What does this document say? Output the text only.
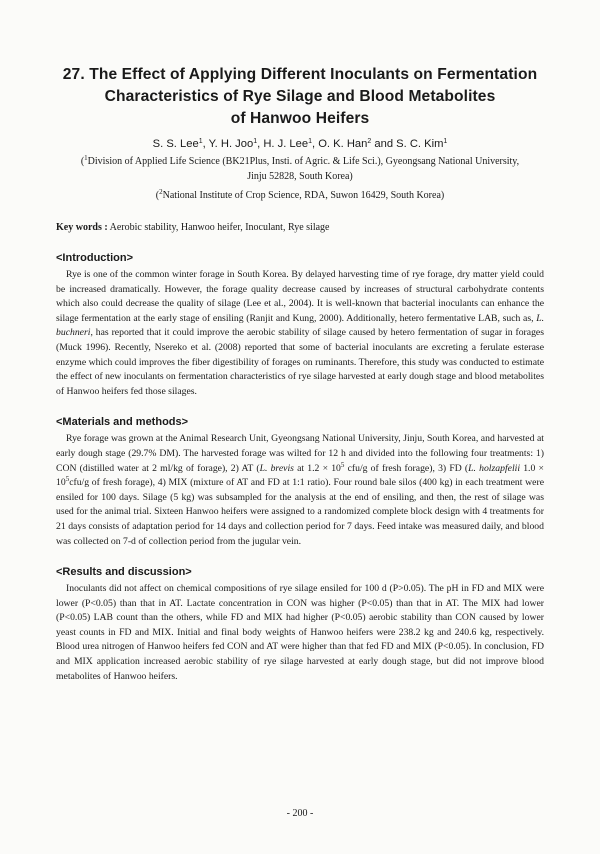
27. The Effect of Applying Different Inoculants on Fermentation
Characteristics of Rye Silage and Blood Metabolites
of Hanwoo Heifers
S. S. Lee$^1$, Y. H. Joo$^1$, H. J. Lee$^1$, O. K. Han$^2$ and S. C. Kim$^1$
($^1$Division of Applied Life Science (BK21Plus, Insti. of Agric. & Life Sci.), Gyeongsang National University,
Jinju 52828, South Korea)
($^2$National Institute of Crop Science, RDA, Suwon 16429, South Korea)
Key words : Aerobic stability, Hanwoo heifer, Inoculant, Rye silage
<Introduction>

Rye is one of the common winter forage in South Korea. By delayed harvesting time of rye forage, dry matter yield could be increased dramatically. However, the forage quality decrease caused by increases of structural carbohydrate contents which also could decrease the quality of silage (Lee et al., 2004). It is well-known that bacterial inoculants can enhance the silage fermentation at the early stage of ensiling (Ranjit and Kung, 2000). Additionally, hetero fermentative LAB, such as, L. buchneri, has reported that it could improve the aerobic stability of silage caused by hetero fermentation of sugar in forages (Muck 1996). Recently, Nsereko et al. (2008) reported that some of bacterial inoculants are excreting a ferulate esterase enzyme which could improves the fiber digestibility of forages on ruminants. Therefore, this study was conducted to estimate the effect of new inoculants on fermentation characteristics of rye silage harvested at early dough stage and blood metabolites of Hanwoo heifers fed those silages.

<Materials and methods>

Rye forage was grown at the Animal Research Unit, Gyeongsang National University, Jinju, South Korea, and harvested at early dough stage (29.7% DM). The harvested forage was wilted for 12 h and divided into the following four treatments: 1) CON (distilled water at 2 ml/kg of forage), 2) AT (L. brevis at $1.2 \times 10^5$ cfu/g of fresh forage), 3) FD (L. holzapfelii $1.0 \times 10^5cfu/g$ of fresh forage), 4) MIX (mixture of AT and FD at 1:1 ratio). Four round bale silos (400 kg) in each treatment were ensiled for 100 days. Silage (5 kg) was subsampled for the analysis at the end of ensiling, and then, the rest of silage was used for the animal trial. Sixteen Hanwoo heifers were assigned to a randomized complete block design with 4 treatments for 21 days consists of adaptation period for 14 days and collection period for 7 days. Feed intake was measured daily, and blood was collected on 7-d of collection period from the jugular vein.

<Results and discussion>

Inoculants did not affect on chemical compositions of rye silage ensiled for 100 d (P>0.05). The pH in FD and MIX were lower (P<0.05) than that in AT. Lactate concentration in CON was higher (P<0.05) than that in AT. The MIX had lower (P<0.05) LAB count than the others, while FD and MIX had higher (P<0.05) aerobic stability than CON caused by lower yeast counts in FD and MIX. Initial and final body weights of Hanwoo heifers were 238.2 kg and 240.6 kg, respectively. Blood urea nitrogen of Hanwoo heifers fed CON and AT were higher than that fed FD and MIX (P<0.05). In conclusion, FD and MIX application increased aerobic stability of rye silage harvested at early dough stage, but did not improve blood metabolites of Hanwoo heifers.

- 200 -
